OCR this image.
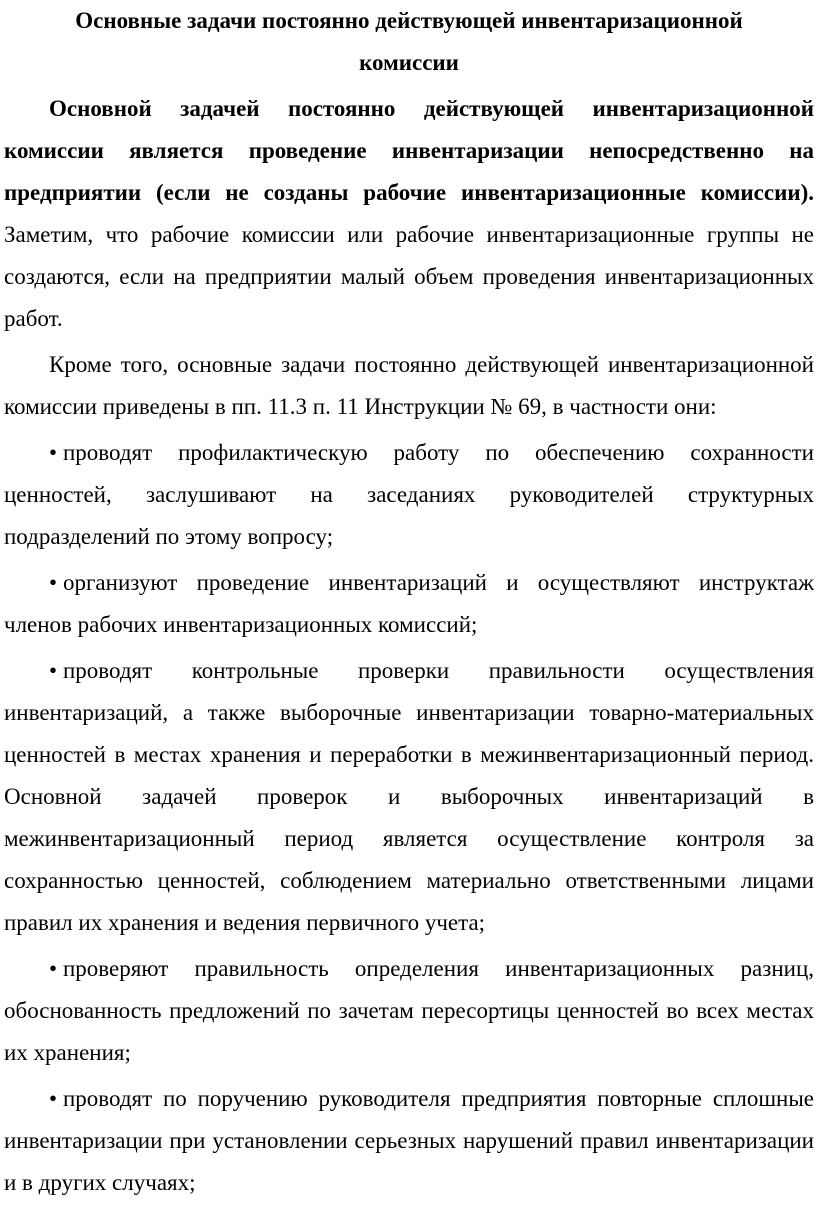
Основные задачи постоянно действующей инвентаризационной комиссии

Основной задачей постоянно действующей инвентаризационной комиссии является проведение инвентаризации непосредственно на предприятии (если не созданы рабочие инвентаризационные комиссии). Заметим, что рабочие комиссии или рабочие инвентаризационные группы не создаются, если на предприятии малый объем проведения инвентаризационных работ.

Кроме того, основные задачи постоянно действующей инвентаризационной комиссии приведены в пп. 11.3 п. 11 Инструкции № 69, в частности они:

• проводят профилактическую работу по обеспечению сохранности ценностей, заслушивают на заседаниях руководителей структурных подразделений по этому вопросу;

• организуют проведение инвентаризаций и осуществляют инструктаж членов рабочих инвентаризационных комиссий;

• проводят контрольные проверки правильности осуществления инвентаризаций, а также выборочные инвентаризации товарно-материальных ценностей в местах хранения и переработки в межинвентаризационный период. Основной задачей проверок и выборочных инвентаризаций в межинвентаризационный период является осуществление контроля за сохранностью ценностей, соблюдением материально ответственными лицами правил их хранения и ведения первичного учета;

• проверяют правильность определения инвентаризационных разниц, обоснованность предложений по зачетам пересортицы ценностей во всех местах их хранения;

• проводят по поручению руководителя предприятия повторные сплошные инвентаризации при установлении серьезных нарушений правил инвентаризации и в других случаях;
